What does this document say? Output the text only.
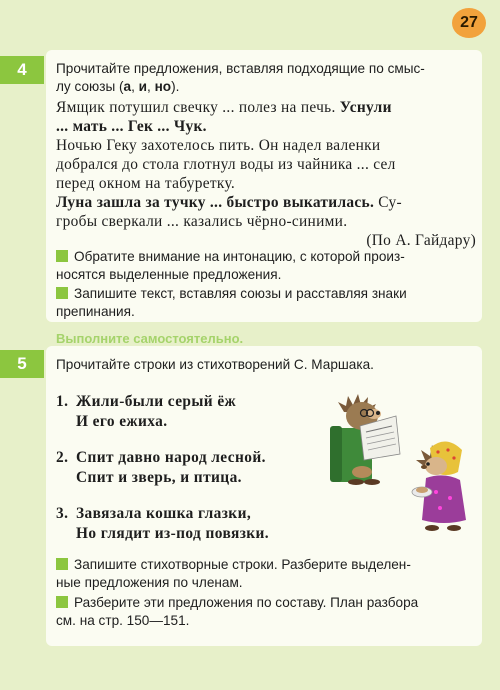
27
4	Прочитайте предложения, вставляя подходящие по смыс-
лу союзы (а, и, но).

Ямщик потушил свечку ... полез на печь. Уснули

... мать ... Гек ... Чук.

Ночью Геку захотелось пить. Он надел валенки

добрался до стола глотнул воды из чайника ... сел

перед окном на табуретку.

Луна зашла за тучку ... быстро выкатилась. Су-

гробы сверкали ... казались чёрно-синими.

(По А. Гайдару)

Обратите внимание на интонацию, с которой произ-
носятся выделенные предложения.
Запишите текст, вставляя союзы и расставляя знаки
препинания.
Выполните самостоятельно.
5	Прочитайте строки из стихотворений С. Маршака.
1. Жили-были серый ёж
И его ежиха.
2. Спит давно народ лесной.
Спит и зверь, и птица.
3. Завязала кошка глазки,
Но глядит из-под повязки.
Запишите стихотворные строки. Разберите выделен-
ные предложения по членам.
Разберите эти предложения по составу. План разбора
см. на стр. 150—151.
